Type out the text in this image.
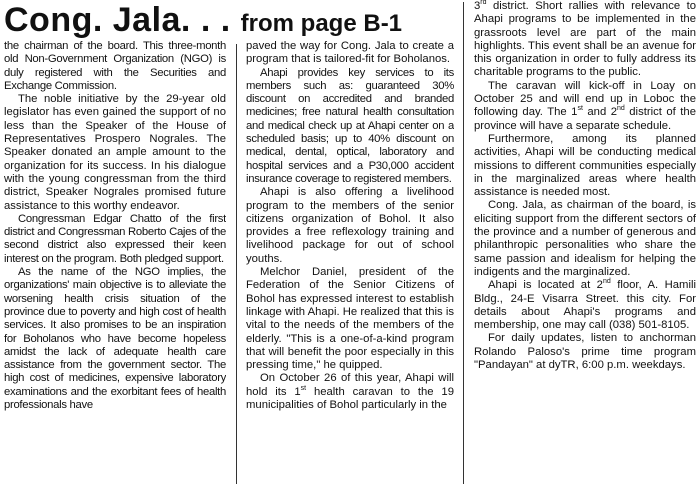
Cong. Jala. . . from page B-1

the chairman of the board. This three-month old Non-Government Organization (NGO) is duly registered with the Securities and Exchange Commission.

The noble initiative by the 29-year old legislator has even gained the support of no less than the Speaker of the House of Representatives Prospero Nograles. The Speaker donated an ample amount to the organization for its success. In his dialogue with the young congressman from the third district, Speaker Nograles promised future assistance to this worthy endeavor.

Congressman Edgar Chatto of the first district and Congressman Roberto Cajes of the second district also expressed their keen interest on the program. Both pledged support.

As the name of the NGO implies, the organizations' main objective is to alleviate the worsening health crisis situation of the province due to poverty and high cost of health services. It also promises to be an inspiration for Boholanos who have become hopeless amidst the lack of adequate health care assistance from the government sector. The high cost of medicines, expensive laboratory examinations and the exorbitant fees of health professionals have

paved the way for Cong. Jala to create a program that is tailored-fit for Boholanos.

Ahapi provides key services to its members such as: guaranteed 30% discount on accredited and branded medicines; free natural health consultation and medical check up at Ahapi center on a scheduled basis; up to 40% discount on medical, dental, optical, laboratory and hospital services and a P30,000 accident insurance coverage to registered members.

Ahapi is also offering a livelihood program to the members of the senior citizens organization of Bohol. It also provides a free reflexology training and livelihood package for out of school youths.

Melchor Daniel, president of the Federation of the Senior Citizens of Bohol has expressed interest to establish linkage with Ahapi. He realized that this is vital to the needs of the members of the elderly. "This is a one-of-a-kind program that will benefit the poor especially in this pressing time," he quipped.

On October 26 of this year, Ahapi will hold its 1st health caravan to the 19 municipalities of Bohol particularly in the

3rd district. Short rallies with relevance to Ahapi programs to be implemented in the grassroots level are part of the main highlights. This event shall be an avenue for this organization in order to fully address its charitable programs to the public.

The caravan will kick-off in Loay on October 25 and will end up in Loboc the following day. The 1st and 2nd district of the province will have a separate schedule.

Furthermore, among its planned activities, Ahapi will be conducting medical missions to different communities especially in the marginalized areas where health assistance is needed most.

Cong. Jala, as chairman of the board, is eliciting support from the different sectors of the province and a number of generous and philanthropic personalities who share the same passion and idealism for helping the indigents and the marginalized.

Ahapi is located at 2nd floor, A. Hamili Bldg., 24-E Visarra Street. this city. For details about Ahapi's programs and membership, one may call (038) 501-8105.

For daily updates, listen to anchorman Rolando Paloso's prime time program "Pandayan" at dyTR, 6:00 p.m. weekdays.
